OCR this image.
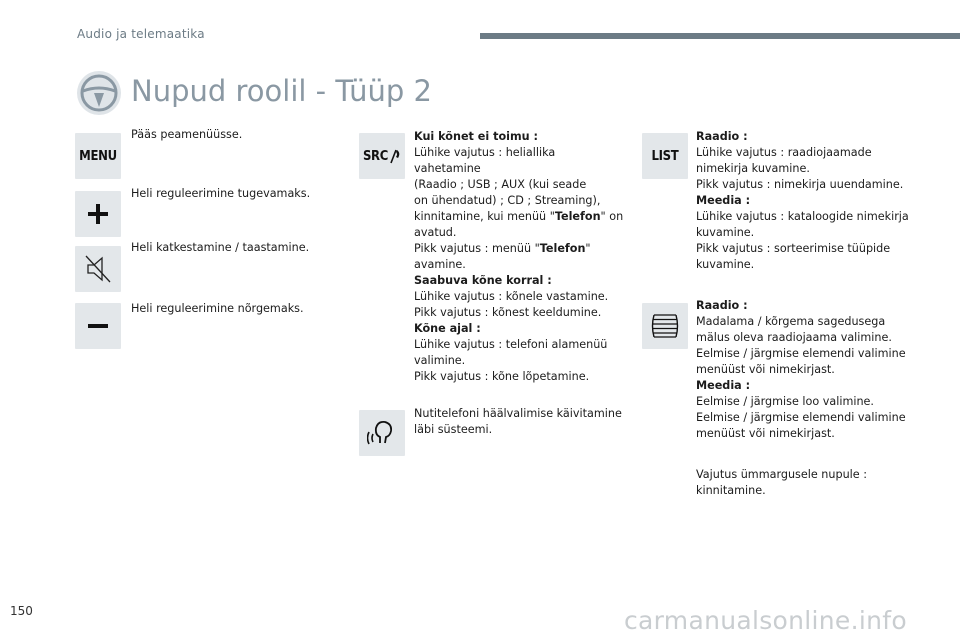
Audio ja telemaatika
Nupud roolil - Tüüp 2
MENU
Pääs peamenüüsse.
Heli reguleerimine tugevamaks.
Heli katkestamine / taastamine.
Heli reguleerimine nõrgemaks.
SRC
Kui kõnet ei toimu :
Lühike vajutus : heliallika vahetamine
(Raadio ; USB ; AUX (kui seade
on ühendatud) ; CD ; Streaming),
kinnitamine, kui menüü "Telefon" on
avatud.
Pikk vajutus : menüü "Telefon"
avamine.
Saabuva kõne korral :
Lühike vajutus : kõnele vastamine.
Pikk vajutus : kõnest keeldumine.
Kõne ajal :
Lühike vajutus : telefoni alamenüü
valimine.
Pikk vajutus : kõne lõpetamine.
Nutitelefoni häälvalimise käivitamine
läbi süsteemi.
LIST
Raadio :
Lühike vajutus : raadiojaamade
nimekirja kuvamine.
Pikk vajutus : nimekirja uuendamine.
Meedia :
Lühike vajutus : kataloogide nimekirja
kuvamine.
Pikk vajutus : sorteerimise tüüpide
kuvamine.
Raadio :
Madalama / kõrgema sagedusega
mälus oleva raadiojaama valimine.
Eelmise / järgmise elemendi valimine
menüüst või nimekirjast.
Meedia :
Eelmise / järgmise loo valimine.
Eelmise / järgmise elemendi valimine
menüüst või nimekirjast.
Vajutus ümmargusele nupule :
kinnitamine.
150	carmanualsonline.info
